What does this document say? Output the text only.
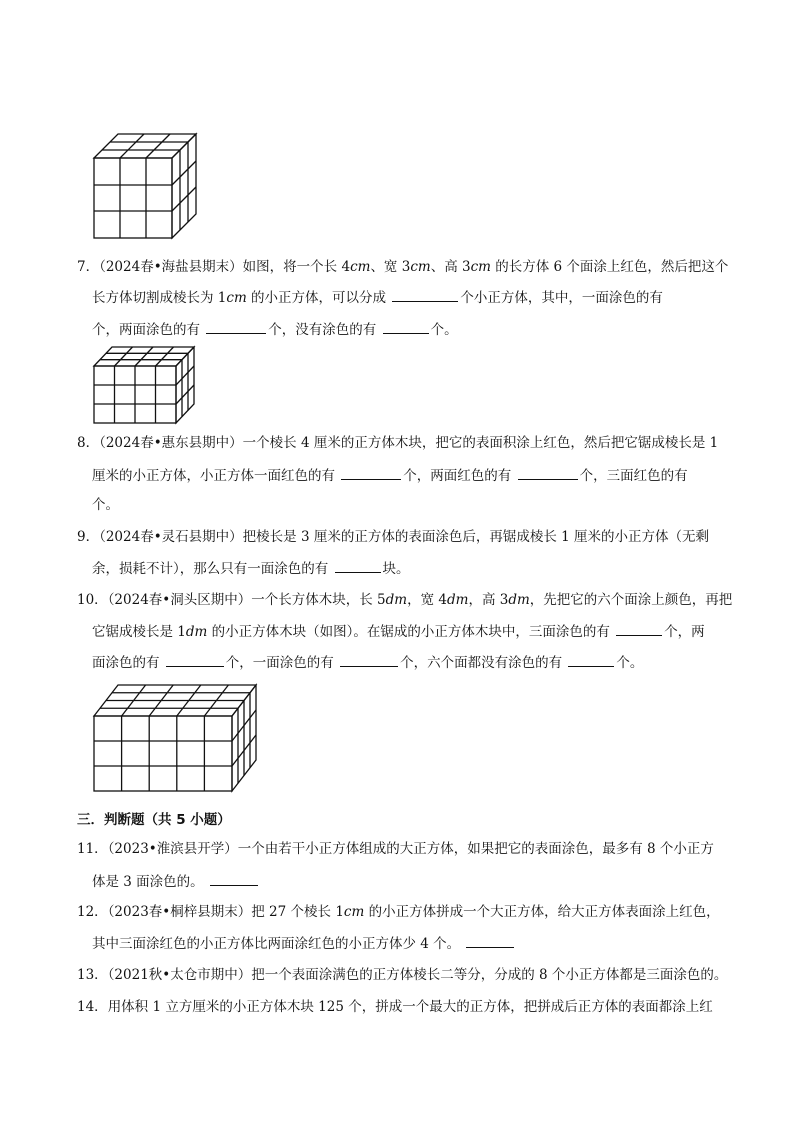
7．（2024春•海盐县期末）如图，将一个长 4cm、宽 3cm、高 3cm 的长方体 6 个面涂上红色，然后把这个
长方体切割成棱长为 1cm 的小正方体，可以分成	个小正方体，其中，一面涂色的有
个，两面涂色的有	个，没有涂色的有	个。
8．（2024春•惠东县期中）一个棱长 4 厘米的正方体木块，把它的表面积涂上红色，然后把它锯成棱长是 1
厘米的小正方体，小正方体一面红色的有	个，两面红色的有	个，三面红色的有
个。
9．（2024春•灵石县期中）把棱长是 3 厘米的正方体的表面涂色后，再锯成棱长 1 厘米的小正方体（无剩
余，损耗不计），那么只有一面涂色的有	块。
10．（2024春•洞头区期中）一个长方体木块，长 5dm，宽 4dm，高 3dm，先把它的六个面涂上颜色，再把
它锯成棱长是 1dm 的小正方体木块（如图）。在锯成的小正方体木块中，三面涂色的有	个，两
面涂色的有	个，一面涂色的有	个，六个面都没有涂色的有	个。
三．判断题（共 5 小题）
11．（2023•淮滨县开学）一个由若干小正方体组成的大正方体，如果把它的表面涂色，最多有 8 个小正方
体是 3 面涂色的。
12．（2023春•桐梓县期末）把 27 个棱长 1cm 的小正方体拼成一个大正方体，给大正方体表面涂上红色，
其中三面涂红色的小正方体比两面涂红色的小正方体少 4 个。
13．（2021秋•太仓市期中）把一个表面涂满色的正方体棱长二等分，分成的 8 个小正方体都是三面涂色的。
14．用体积 1 立方厘米的小正方体木块 125 个，拼成一个最大的正方体，把拼成后正方体的表面都涂上红
